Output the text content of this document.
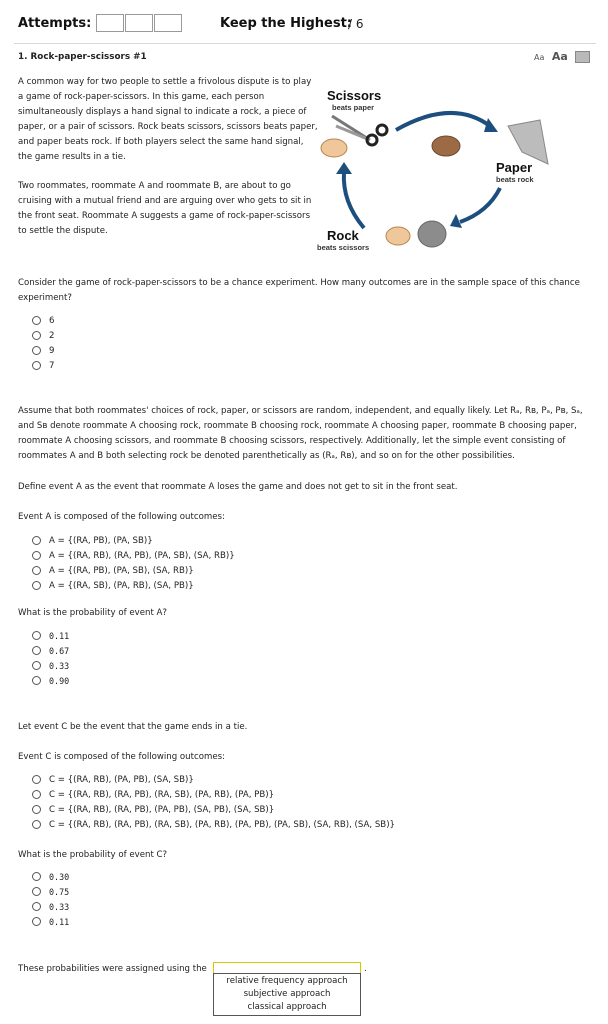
Attempts:	Keep the Highest:
/ 6
1. Rock-paper-scissors #1	Aa Aa
A common way for two people to settle a frivolous dispute is to play a game of rock-paper-scissors. In this game, each person simultaneously displays a hand signal to indicate a rock, a piece of paper, or a pair of scissors. Rock beats scissors, scissors beats paper, and paper beats rock. If both players select the same hand signal, the game results in a tie.
Two roommates, roommate A and roommate B, are about to go cruising with a mutual friend and are arguing over who gets to sit in the front seat. Roommate A suggests a game of rock-paper-scissors to settle the dispute.
Scissors
beats paper
Paper
beats rock
Rock
beats scissors
Consider the game of rock-paper-scissors to be a chance experiment. How many outcomes are in the sample space of this chance experiment?
6
2
9
7
Assume that both roommates' choices of rock, paper, or scissors are random, independent, and equally likely. Let Rₐ, Rʙ, Pₐ, Pʙ, Sₐ, and Sʙ denote roommate A choosing rock, roommate B choosing rock, roommate A choosing paper, roommate B choosing paper, roommate A choosing scissors, and roommate B choosing scissors, respectively. Additionally, let the simple event consisting of roommates A and B both selecting rock be denoted parenthetically as (Rₐ, Rʙ), and so on for the other possibilities.
Define event A as the event that roommate A loses the game and does not get to sit in the front seat.
Event A is composed of the following outcomes:
A = {(RA, PB), (PA, SB)}
A = {(RA, RB), (RA, PB), (PA, SB), (SA, RB)}
A = {(RA, PB), (PA, SB), (SA, RB)}
A = {(RA, SB), (PA, RB), (SA, PB)}
What is the probability of event A?
0.11
0.67
0.33
0.90
Let event C be the event that the game ends in a tie.
Event C is composed of the following outcomes:
C = {(RA, RB), (PA, PB), (SA, SB)}
C = {(RA, RB), (RA, PB), (RA, SB), (PA, RB), (PA, PB)}
C = {(RA, RB), (RA, PB), (PA, PB), (SA, PB), (SA, SB)}
C = {(RA, RB), (RA, PB), (RA, SB), (PA, RB), (PA, PB), (PA, SB), (SA, RB), (SA, SB)}
What is the probability of event C?
0.30
0.75
0.33
0.11
These probabilities were assigned using the	.
relative frequency approach
subjective approach
classical approach
